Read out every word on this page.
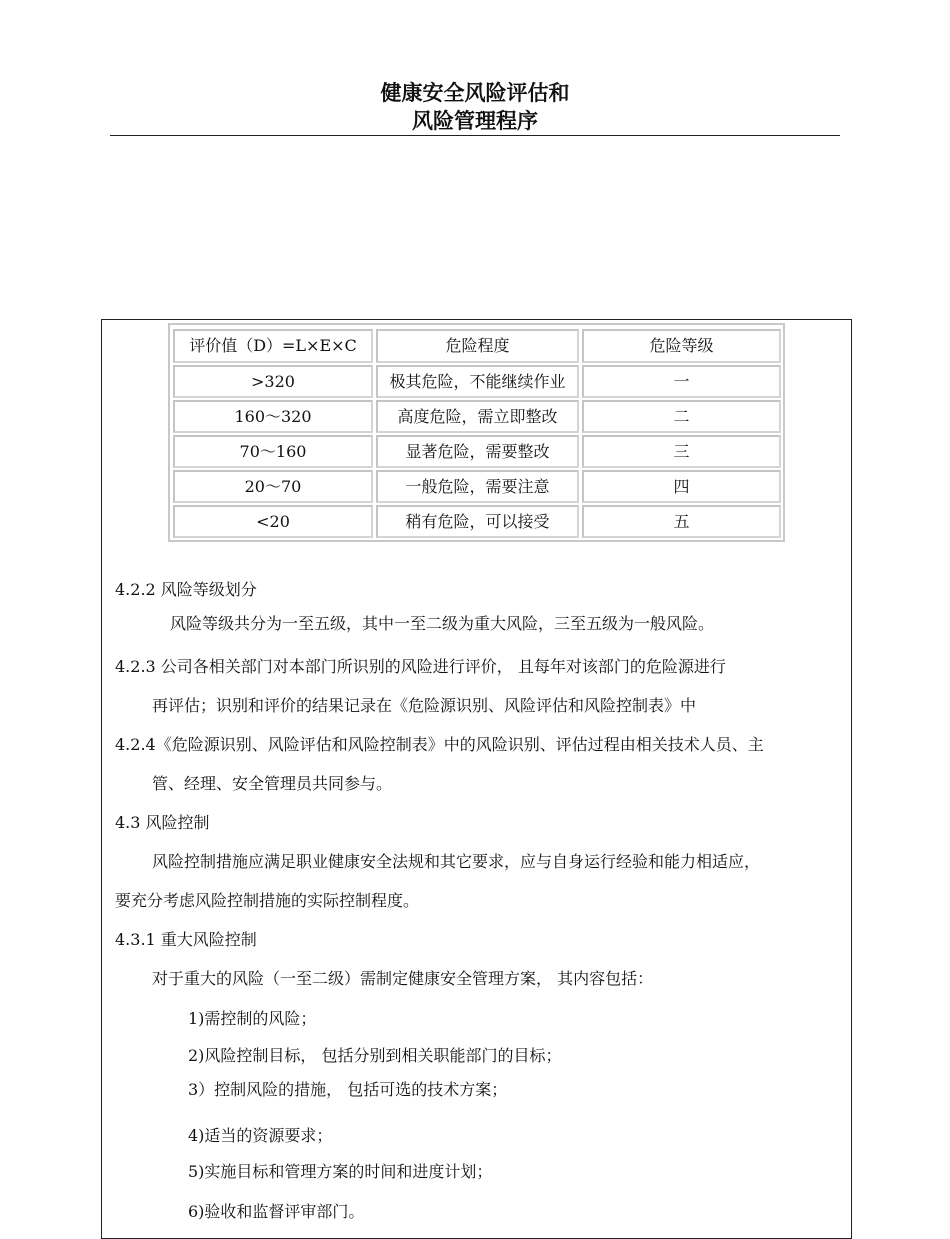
健康安全风险评估和
风险管理程序
评价值（D）=L×E×C	危险程度	危险等级
>320	极其危险，不能继续作业	一
160～320	高度危险，需立即整改	二
70～160	显著危险，需要整改	三
20～70	一般危险，需要注意	四
<20	稍有危险，可以接受	五
4.2.2 风险等级划分
风险等级共分为一至五级，其中一至二级为重大风险，三至五级为一般风险。
4.2.3 公司各相关部门对本部门所识别的风险进行评价， 且每年对该部门的危险源进行
再评估；识别和评价的结果记录在《危险源识别、风险评估和风险控制表》中
4.2.4《危险源识别、风险评估和风险控制表》中的风险识别、评估过程由相关技术人员、主
管、经理、安全管理员共同参与。
4.3 风险控制
风险控制措施应满足职业健康安全法规和其它要求，应与自身运行经验和能力相适应，
要充分考虑风险控制措施的实际控制程度。
4.3.1 重大风险控制
对于重大的风险（一至二级）需制定健康安全管理方案， 其内容包括：
1)需控制的风险；
2)风险控制目标， 包括分别到相关职能部门的目标；
3）控制风险的措施， 包括可选的技术方案；
4)适当的资源要求；
5)实施目标和管理方案的时间和进度计划；
6)验收和监督评审部门。
